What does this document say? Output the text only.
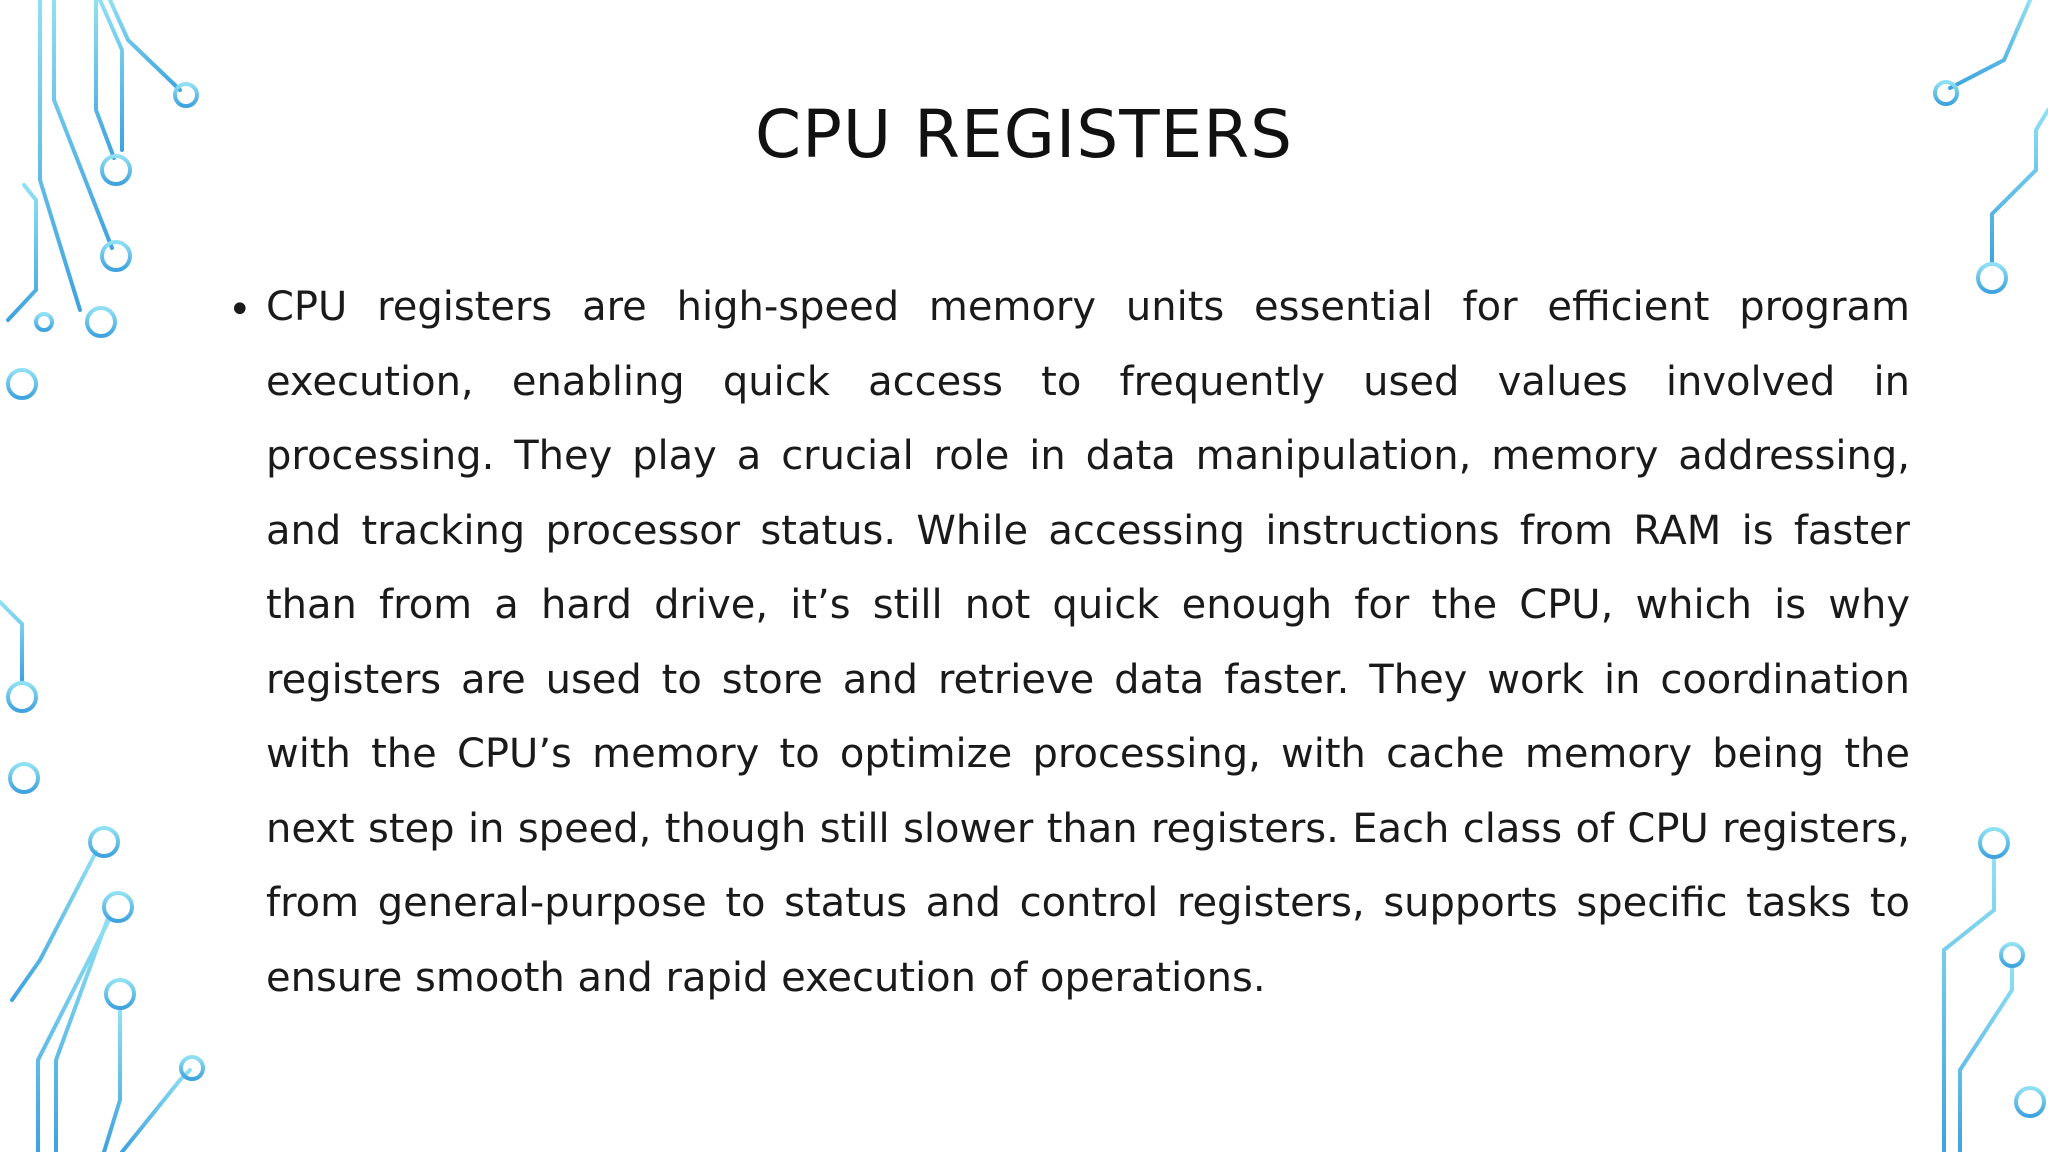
CPU REGISTERS
• CPU registers are high-speed memory units essential for efficient program execution, enabling quick access to frequently used values involved in processing. They play a crucial role in data manipulation, memory addressing, and tracking processor status. While accessing instructions from RAM is faster than from a hard drive, it’s still not quick enough for the CPU, which is why registers are used to store and retrieve data faster. They work in coordination with the CPU’s memory to optimize processing, with cache memory being the next step in speed, though still slower than registers. Each class of CPU registers, from general-purpose to status and control registers, supports specific tasks to ensure smooth and rapid execution of operations.
